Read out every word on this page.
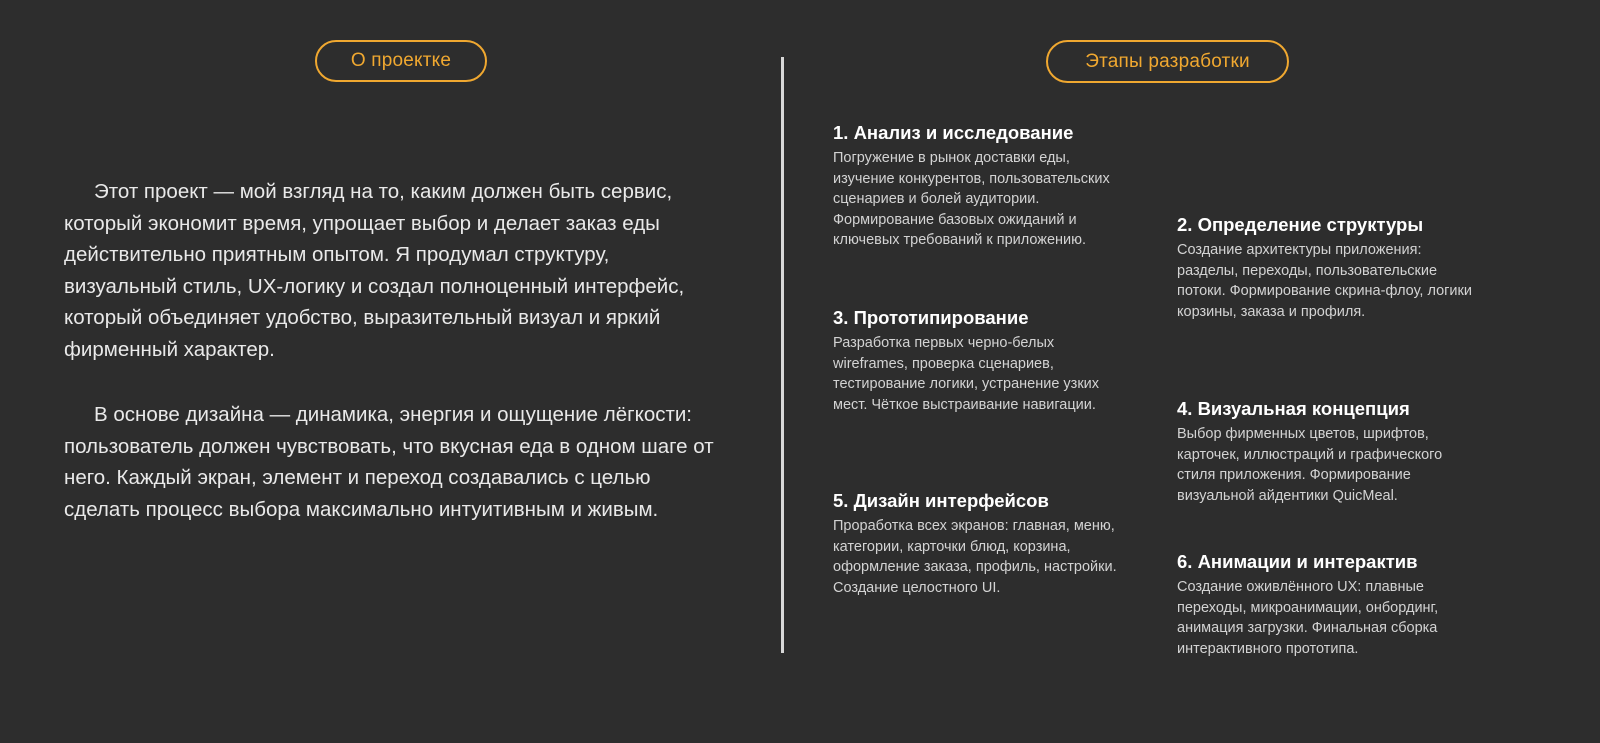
О проектке	Этапы разработки

Этот проект — мой взгляд на то, каким должен быть сервис, который экономит время, упрощает выбор и делает заказ еды действительно приятным опытом. Я продумал структуру, визуальный стиль, UX-логику и создал полноценный интерфейс, который объединяет удобство, выразительный визуал и яркий фирменный характер.

В основе дизайна — динамика, энергия и ощущение лёгкости: пользователь должен чувствовать, что вкусная еда в одном шаге от него. Каждый экран, элемент и переход создавались с целью сделать процесс выбора максимально интуитивным и живым.

1. Анализ и исследование

Погружение в рынок доставки еды, изучение конкурентов, пользовательских сценариев и болей аудитории. Формирование базовых ожиданий и ключевых требований к приложению.

2. Определение структуры

Создание архитектуры приложения: разделы, переходы, пользовательские потоки. Формирование скрина-флоу, логики корзины, заказа и профиля.

3. Прототипирование

Разработка первых черно-белых wireframes, проверка сценариев, тестирование логики, устранение узких мест. Чёткое выстраивание навигации.	4. Визуальная концепция

Выбор фирменных цветов, шрифтов, карточек, иллюстраций и графического стиля приложения. Формирование визуальной айдентики QuicMeal.

5. Дизайн интерфейсов

Проработка всех экранов: главная, меню, категории, карточки блюд, корзина, оформление заказа, профиль, настройки. Создание целостного UI.

6. Анимации и интерактив

Создание оживлённого UX: плавные переходы, микроанимации, онбординг, анимация загрузки. Финальная сборка интерактивного прототипа.
